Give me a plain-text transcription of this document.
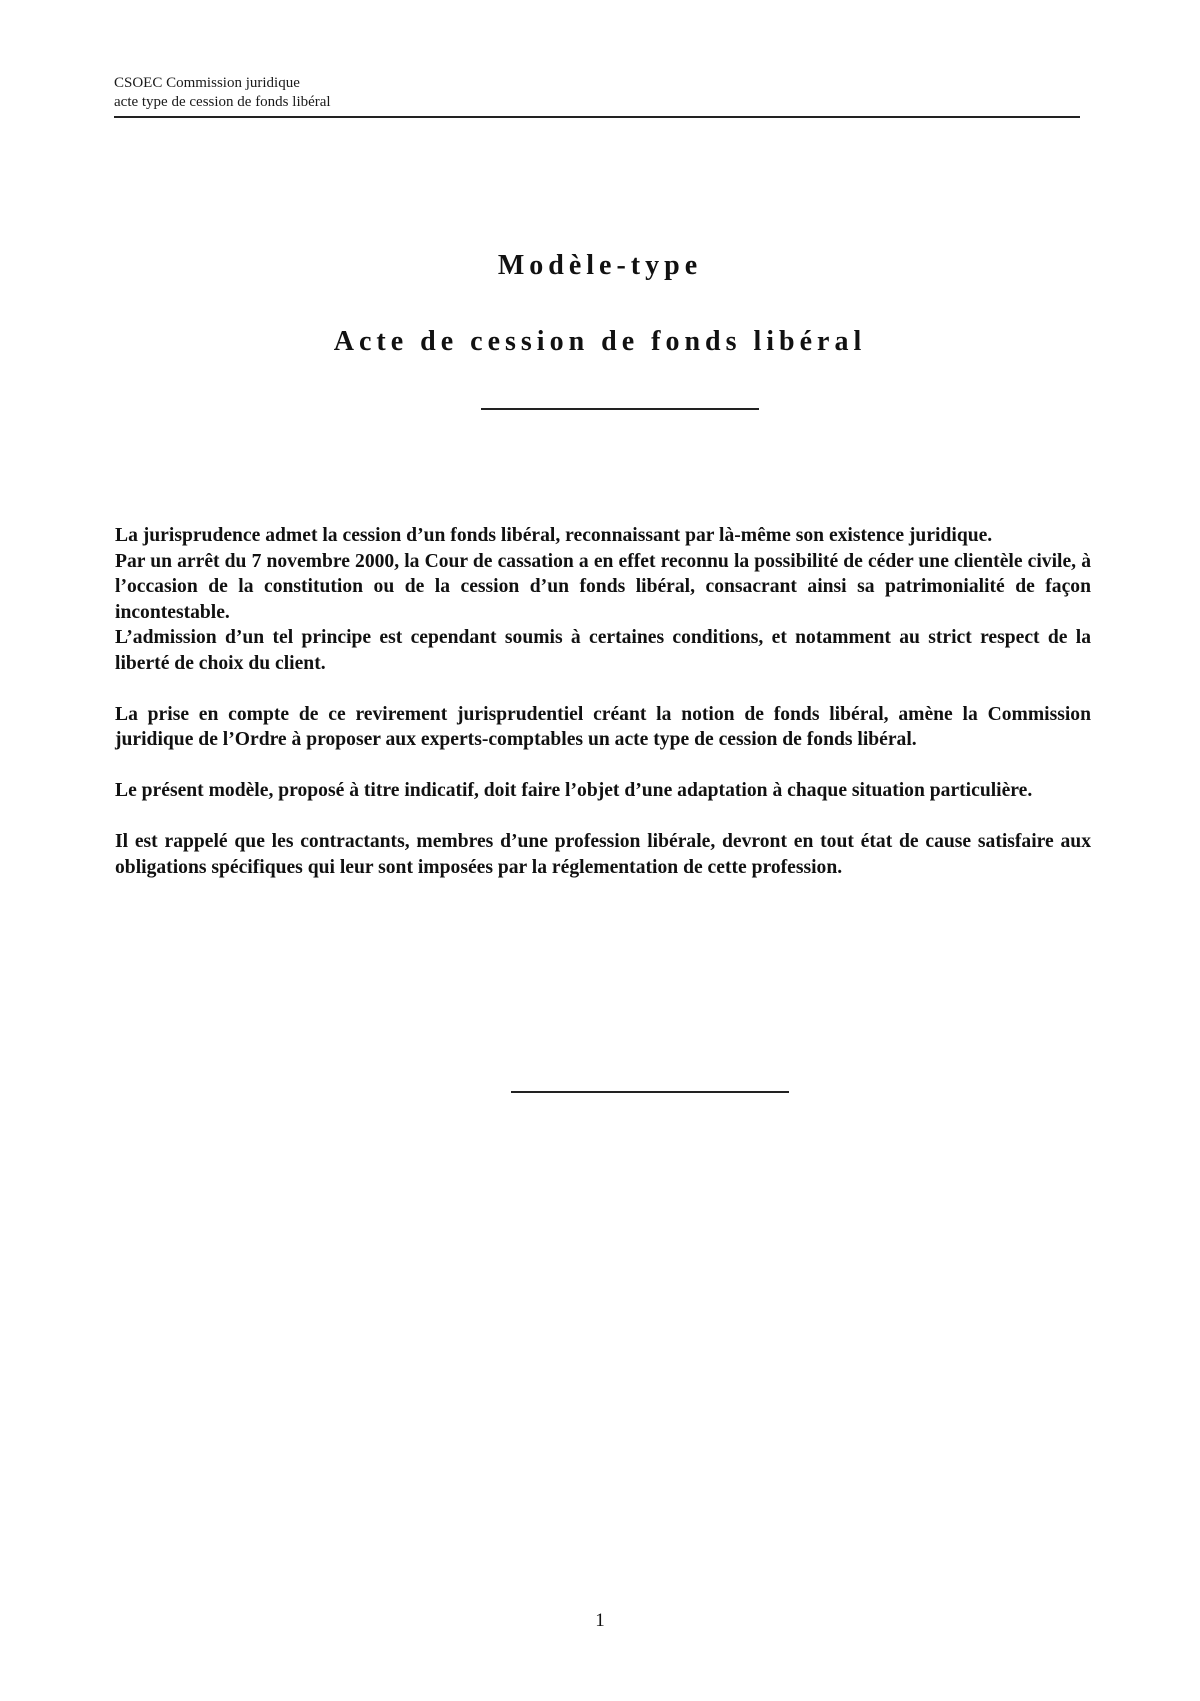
CSOEC Commission juridique
acte type de cession de fonds libéral
Modèle-type
Acte de cession de fonds libéral

La jurisprudence admet la cession d’un fonds libéral, reconnaissant par là-même son existence juridique.

Par un arrêt du 7 novembre 2000, la Cour de cassation a en effet reconnu la possibilité de céder une clientèle civile, à l’occasion de la constitution ou de la cession d’un fonds libéral, consacrant ainsi sa patrimonialité de façon incontestable.

L’admission d’un tel principe est cependant soumis à certaines conditions, et notamment au strict respect de la liberté de choix du client.

La prise en compte de ce revirement jurisprudentiel créant la notion de fonds libéral, amène la Commission juridique de l’Ordre à proposer aux experts-comptables un acte type de cession de fonds libéral.

Le présent modèle, proposé à titre indicatif, doit faire l’objet d’une adaptation à chaque situation particulière.

Il est rappelé que les contractants, membres d’une profession libérale, devront en tout état de cause satisfaire aux obligations spécifiques qui leur sont imposées par la réglementation de cette profession.

1
